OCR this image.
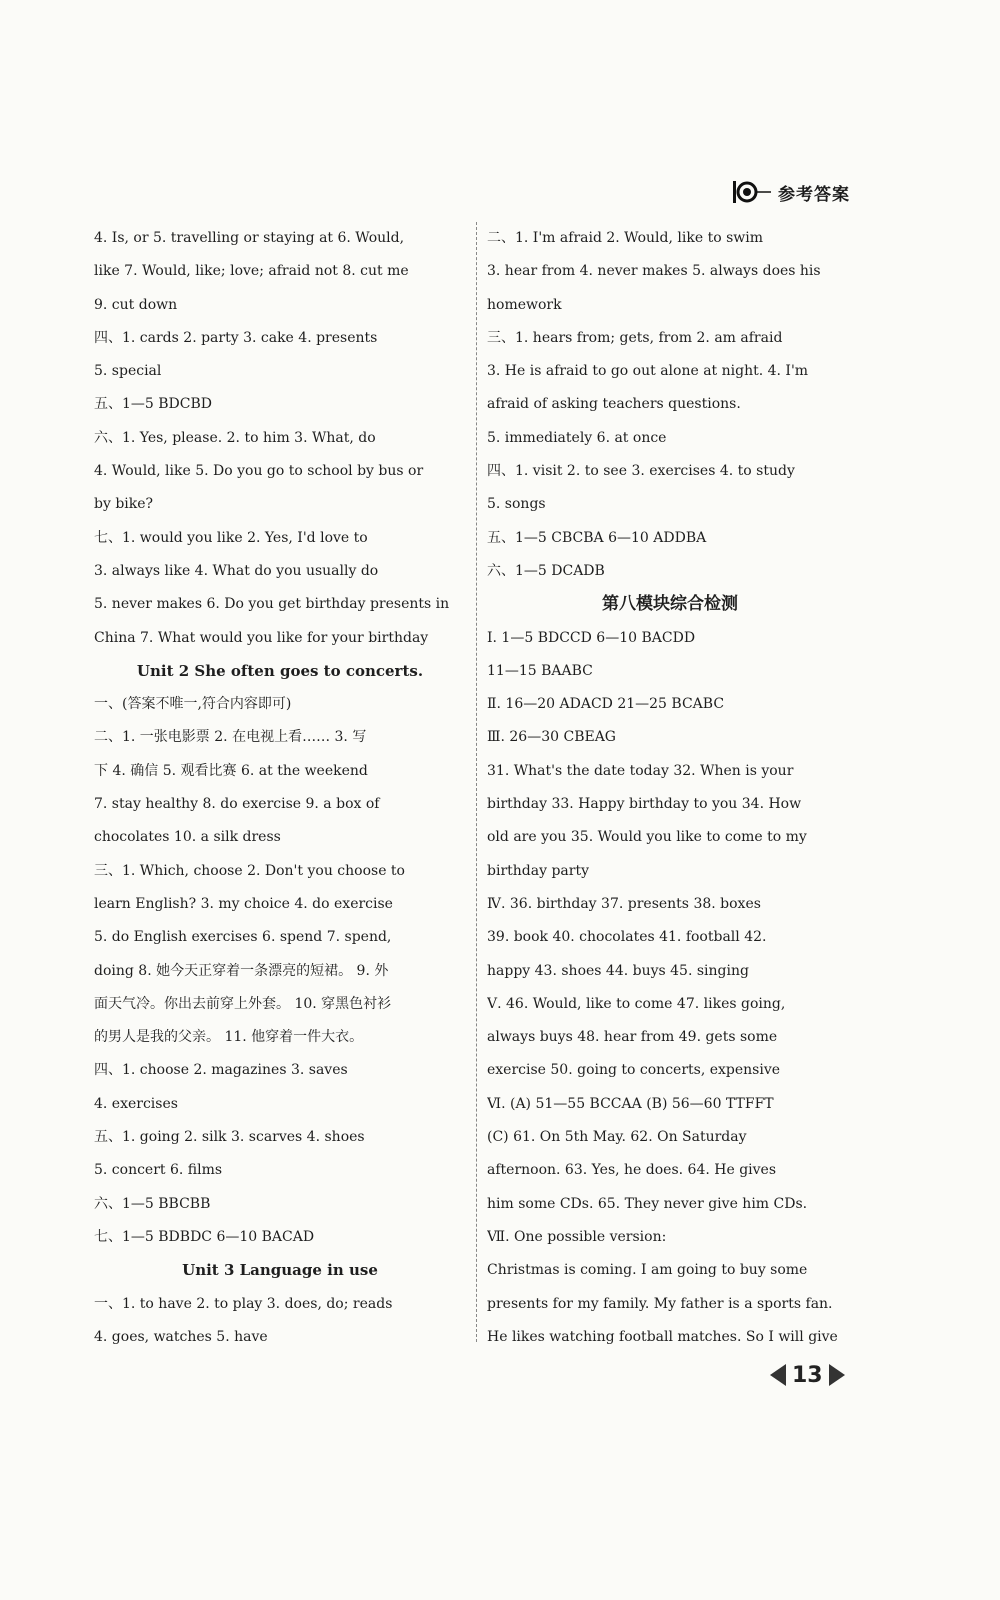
参考答案
4. Is, or 5. travelling or staying at 6. Would,
like 7. Would, like; love; afraid not 8. cut me
9. cut down
四、1. cards 2. party 3. cake 4. presents
5. special
五、1—5 BDCBD
六、1. Yes, please. 2. to him 3. What, do
4. Would, like 5. Do you go to school by bus or
by bike?
七、1. would you like 2. Yes, I'd love to
3. always like 4. What do you usually do
5. never makes 6. Do you get birthday presents in
China 7. What would you like for your birthday
Unit 2 She often goes to concerts.
一、(答案不唯一,符合内容即可)
二、1. 一张电影票 2. 在电视上看…… 3. 写
下 4. 确信 5. 观看比赛 6. at the weekend
7. stay healthy 8. do exercise 9. a box of
chocolates 10. a silk dress
三、1. Which, choose 2. Don't you choose to
learn English? 3. my choice 4. do exercise
5. do English exercises 6. spend 7. spend,
doing 8. 她今天正穿着一条漂亮的短裙。 9. 外
面天气冷。你出去前穿上外套。 10. 穿黑色衬衫
的男人是我的父亲。 11. 他穿着一件大衣。
四、1. choose 2. magazines 3. saves
4. exercises
五、1. going 2. silk 3. scarves 4. shoes
5. concert 6. films
六、1—5 BBCBB
七、1—5 BDBDC 6—10 BACAD
Unit 3 Language in use
一、1. to have 2. to play 3. does, do; reads
4. goes, watches 5. have
二、1. I'm afraid 2. Would, like to swim
3. hear from 4. never makes 5. always does his
homework
三、1. hears from; gets, from 2. am afraid
3. He is afraid to go out alone at night. 4. I'm
afraid of asking teachers questions.
5. immediately 6. at once
四、1. visit 2. to see 3. exercises 4. to study
5. songs
五、1—5 CBCBA 6—10 ADDBA
六、1—5 DCADB
第八模块综合检测
Ⅰ. 1—5 BDCCD 6—10 BACDD
11—15 BAABC
Ⅱ. 16—20 ADACD 21—25 BCABC
Ⅲ. 26—30 CBEAG
31. What's the date today 32. When is your
birthday 33. Happy birthday to you 34. How
old are you 35. Would you like to come to my
birthday party
Ⅳ. 36. birthday 37. presents 38. boxes
39. book 40. chocolates 41. football 42.
happy 43. shoes 44. buys 45. singing
Ⅴ. 46. Would, like to come 47. likes going,
always buys 48. hear from 49. gets some
exercise 50. going to concerts, expensive
Ⅵ. (A) 51—55 BCCAA (B) 56—60 TTFFT
(C) 61. On 5th May. 62. On Saturday
afternoon. 63. Yes, he does. 64. He gives
him some CDs. 65. They never give him CDs.
Ⅶ. One possible version:
Christmas is coming. I am going to buy some
presents for my family. My father is a sports fan.
He likes watching football matches. So I will give
13
